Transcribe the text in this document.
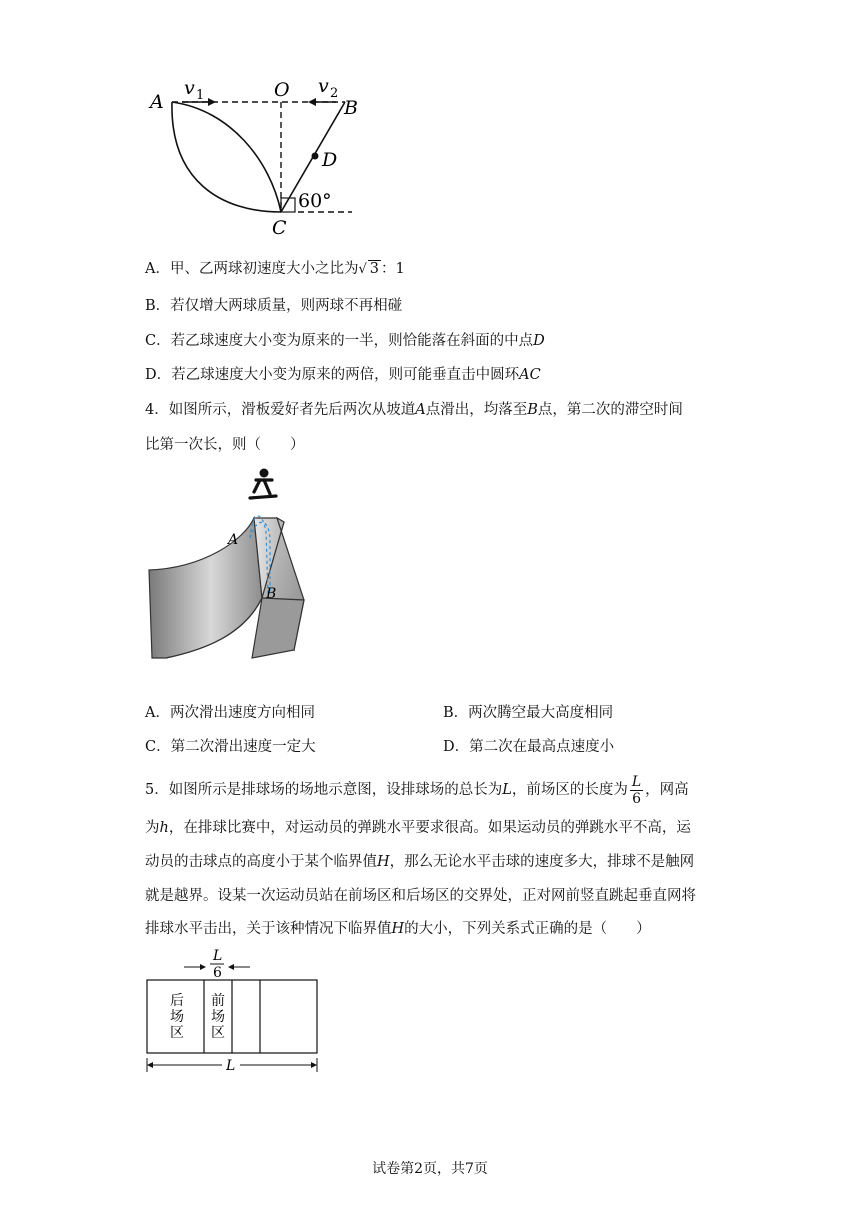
A
v 1	O v 2
B
D
60°
C
A．甲、乙两球初速度大小之比为√ 3 ：1
B．若仅增大两球质量，则两球不再相碰
C．若乙球速度大小变为原来的一半，则恰能落在斜面的中点D
D．若乙球速度大小变为原来的两倍，则可能垂直击中圆环AC
4．如图所示，滑板爱好者先后两次从坡道A点滑出，均落至B点，第二次的滞空时间
比第一次长，则（　　）
A
B
A．两次滑出速度方向相同	B．两次腾空最大高度相同
C．第二次滑出速度一定大	D．第二次在最高点速度小
5．如图所示是排球场的场地示意图，设排球场的总长为L，前场区的长度为 $\frac{L}{6}$ ，网高
为h，在排球比赛中，对运动员的弹跳水平要求很高。如果运动员的弹跳水平不高，运
动员的击球点的高度小于某个临界值H，那么无论水平击球的速度多大，排球不是触网
就是越界。设某一次运动员站在前场区和后场区的交界处，正对网前竖直跳起垂直网将
排球水平击出，关于该种情况下临界值H的大小，下列关系式正确的是（　　）
L
6
后
场
区
前
场
区
L
试卷第2页，共7页
